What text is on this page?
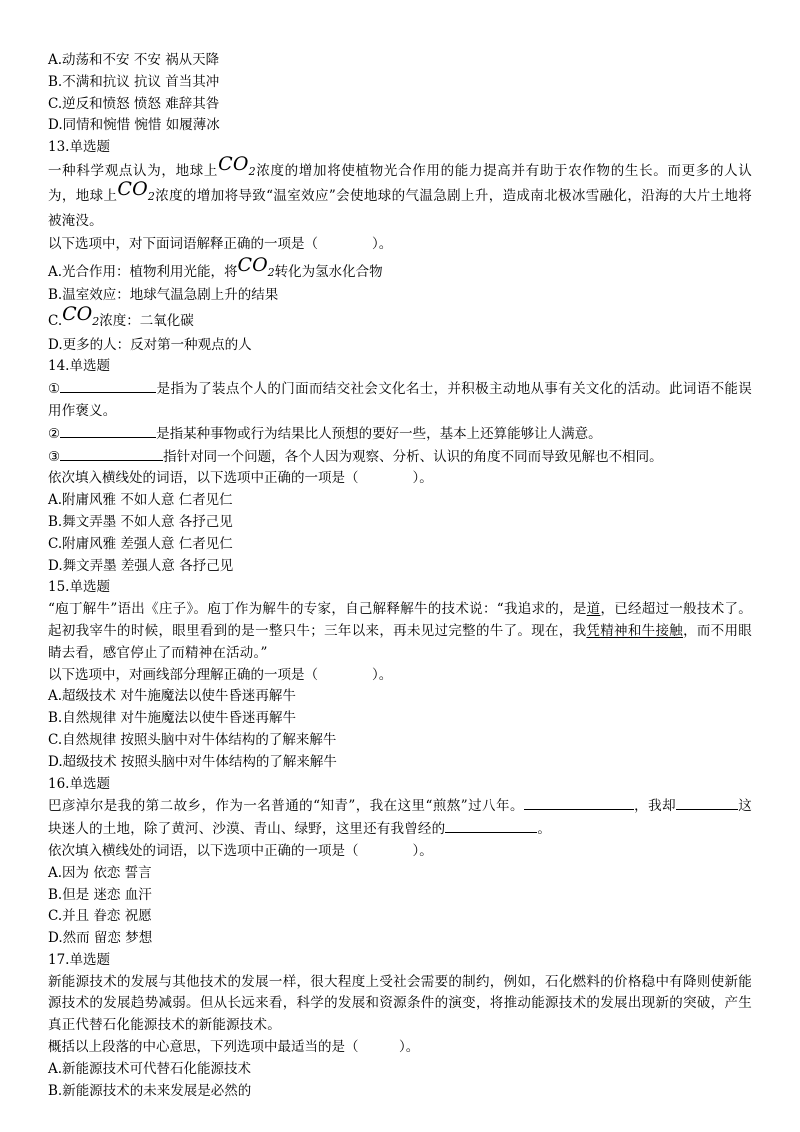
A.动荡和不安 不安 祸从天降
B.不满和抗议 抗议 首当其冲
C.逆反和愤怒 愤怒 难辞其咎
D.同情和惋惜 惋惜 如履薄冰
13.单选题
一种科学观点认为，地球上$CO_2$浓度的增加将使植物光合作用的能力提高并有助于农作物的生长。而更多的人认为，地球上$CO_2$浓度的增加将导致“温室效应”会使地球的气温急剧上升，造成南北极冰雪融化，沿海的大片土地将被淹没。
以下选项中，对下面词语解释正确的一项是（　　　　）。
A.光合作用：植物利用光能，将$CO_2$转化为氢水化合物
B.温室效应：地球气温急剧上升的结果
$C.CO_2$浓度：二氧化碳
D.更多的人：反对第一种观点的人
14.单选题
①	是指为了装点个人的门面而结交社会文化名士，并积极主动地从事有关文化的活动。此词语不能误用作褒义。
②	是指某种事物或行为结果比人预想的要好一些，基本上还算能够让人满意。
③	指针对同一个问题，各个人因为观察、分析、认识的角度不同而导致见解也不相同。
依次填入横线处的词语，以下选项中正确的一项是（　　　　）。
A.附庸风雅 不如人意 仁者见仁
B.舞文弄墨 不如人意 各抒己见
C.附庸风雅 差强人意 仁者见仁
D.舞文弄墨 差强人意 各抒己见
15.单选题
“庖丁解牛”语出《庄子》。庖丁作为解牛的专家，自己解释解牛的技术说：“我追求的，是道，已经超过一般技术了。起初我宰牛的时候，眼里看到的是一整只牛；三年以来，再未见过完整的牛了。现在，我凭精神和牛接触，而不用眼睛去看，感官停止了而精神在活动。”
以下选项中，对画线部分理解正确的一项是（　　　　）。
A.超级技术 对牛施魔法以使牛昏迷再解牛
B.自然规律 对牛施魔法以使牛昏迷再解牛
C.自然规律 按照头脑中对牛体结构的了解来解牛
D.超级技术 按照头脑中对牛体结构的了解来解牛
16.单选题
巴彦淖尔是我的第二故乡，作为一名普通的“知青”，我在这里“煎熬”过八年。	，我却	这块迷人的土地，除了黄河、沙漠、青山、绿野，这里还有我曾经的	。
依次填入横线处的词语，以下选项中正确的一项是（　　　　）。
A.因为 依恋 誓言
B.但是 迷恋 血汗
C.并且 眷恋 祝愿
D.然而 留恋 梦想
17.单选题
新能源技术的发展与其他技术的发展一样，很大程度上受社会需要的制约，例如，石化燃料的价格稳中有降则使新能源技术的发展趋势减弱。但从长远来看，科学的发展和资源条件的演变，将推动能源技术的发展出现新的突破，产生真正代替石化能源技术的新能源技术。
概括以上段落的中心意思，下列选项中最适当的是（　　　）。
A.新能源技术可代替石化能源技术
B.新能源技术的未来发展是必然的
